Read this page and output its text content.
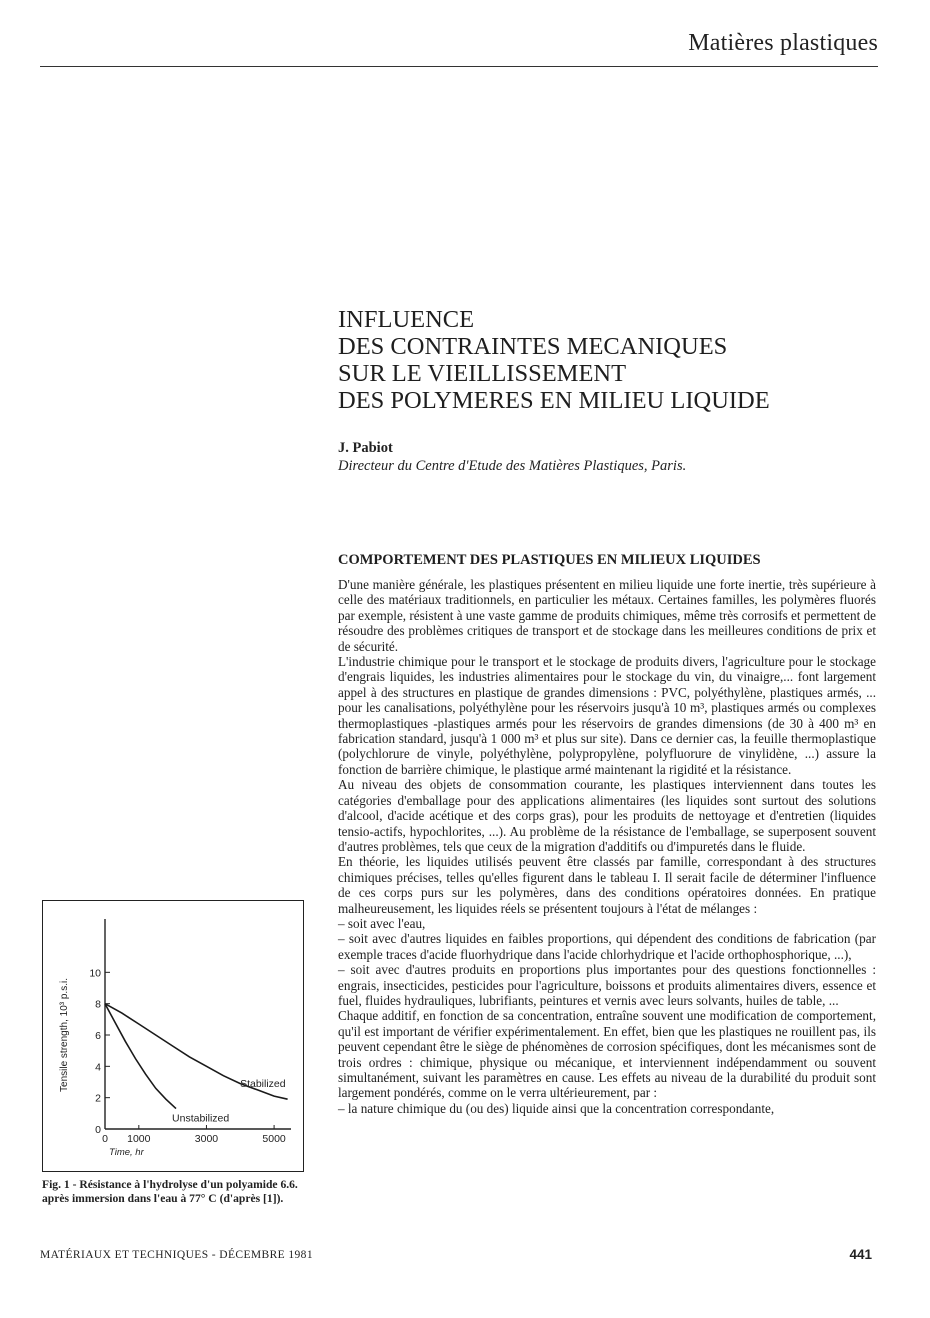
Matières plastiques
INFLUENCE
DES CONTRAINTES MECANIQUES
SUR LE VIEILLISSEMENT
DES POLYMERES EN MILIEU LIQUIDE
J. Pabiot
Directeur du Centre d'Etude des Matières Plastiques, Paris.
COMPORTEMENT DES PLASTIQUES EN MILIEUX LIQUIDES

D'une manière générale, les plastiques présentent en milieu liquide une forte inertie, très supérieure à celle des matériaux traditionnels, en particulier les métaux. Certaines familles, les polymères fluorés par exemple, résistent à une vaste gamme de produits chimiques, même très corrosifs et permettent de résoudre des problèmes critiques de transport et de stockage dans les meilleures conditions de prix et de sécurité.

L'industrie chimique pour le transport et le stockage de produits divers, l'agriculture pour le stockage d'engrais liquides, les industries alimentaires pour le stockage du vin, du vinaigre,... font largement appel à des structures en plastique de grandes dimensions : PVC, polyéthylène, plastiques armés, ... pour les canalisations, polyéthylène pour les réservoirs jusqu'à 10 m³, plastiques armés ou complexes thermoplastiques -plastiques armés pour les réservoirs de grandes dimensions (de 30 à 400 m³ en fabrication standard, jusqu'à 1 000 m³ et plus sur site). Dans ce dernier cas, la feuille thermoplastique (polychlorure de vinyle, polyéthylène, polypropylène, polyfluorure de vinylidène, ...) assure la fonction de barrière chimique, le plastique armé maintenant la rigidité et la résistance.

Au niveau des objets de consommation courante, les plastiques interviennent dans toutes les catégories d'emballage pour des applications alimentaires (les liquides sont surtout des solutions d'alcool, d'acide acétique et des corps gras), pour les produits de nettoyage et d'entretien (liquides tensio-actifs, hypochlorites, ...). Au problème de la résistance de l'emballage, se superposent souvent d'autres problèmes, tels que ceux de la migration d'additifs ou d'impuretés dans le fluide.

En théorie, les liquides utilisés peuvent être classés par famille, correspondant à des structures chimiques précises, telles qu'elles figurent dans le tableau I. Il serait facile de déterminer l'influence de ces corps purs sur les polymères, dans des conditions opératoires données. En pratique malheureusement, les liquides réels se présentent toujours à l'état de mélanges :

– soit avec l'eau,

– soit avec d'autres liquides en faibles proportions, qui dépendent des conditions de fabrication (par exemple traces d'acide fluorhydrique dans l'acide chlorhydrique et l'acide orthophosphorique, ...),

– soit avec d'autres produits en proportions plus importantes pour des questions fonctionnelles : engrais, insecticides, pesticides pour l'agriculture, boissons et produits alimentaires divers, essence et fuel, fluides hydrauliques, lubrifiants, peintures et vernis avec leurs solvants, huiles de table, ...

Chaque additif, en fonction de sa concentration, entraîne souvent une modification de comportement, qu'il est important de vérifier expérimentalement. En effet, bien que les plastiques ne rouillent pas, ils peuvent cependant être le siège de phénomènes de corrosion spécifiques, dont les mécanismes sont de trois ordres : chimique, physique ou mécanique, et interviennent indépendamment ou souvent simultanément, suivant les paramètres en cause. Les effets au niveau de la durabilité du produit sont largement pondérés, comme on le verra ultérieurement, par :

– la nature chimique du (ou des) liquide ainsi que la concentration correspondante,

0
2
4
6
8
10
0 1000	3000	5000
Time, hr
Tensile strength, 10³ p.s.i.	Stabilized
Unstabilized
Fig. 1 - Résistance à l'hydrolyse d'un polyamide 6.6. après immersion dans l'eau à 77° C (d'après [1]).
MATÉRIAUX ET TECHNIQUES - DÉCEMBRE 1981	441
